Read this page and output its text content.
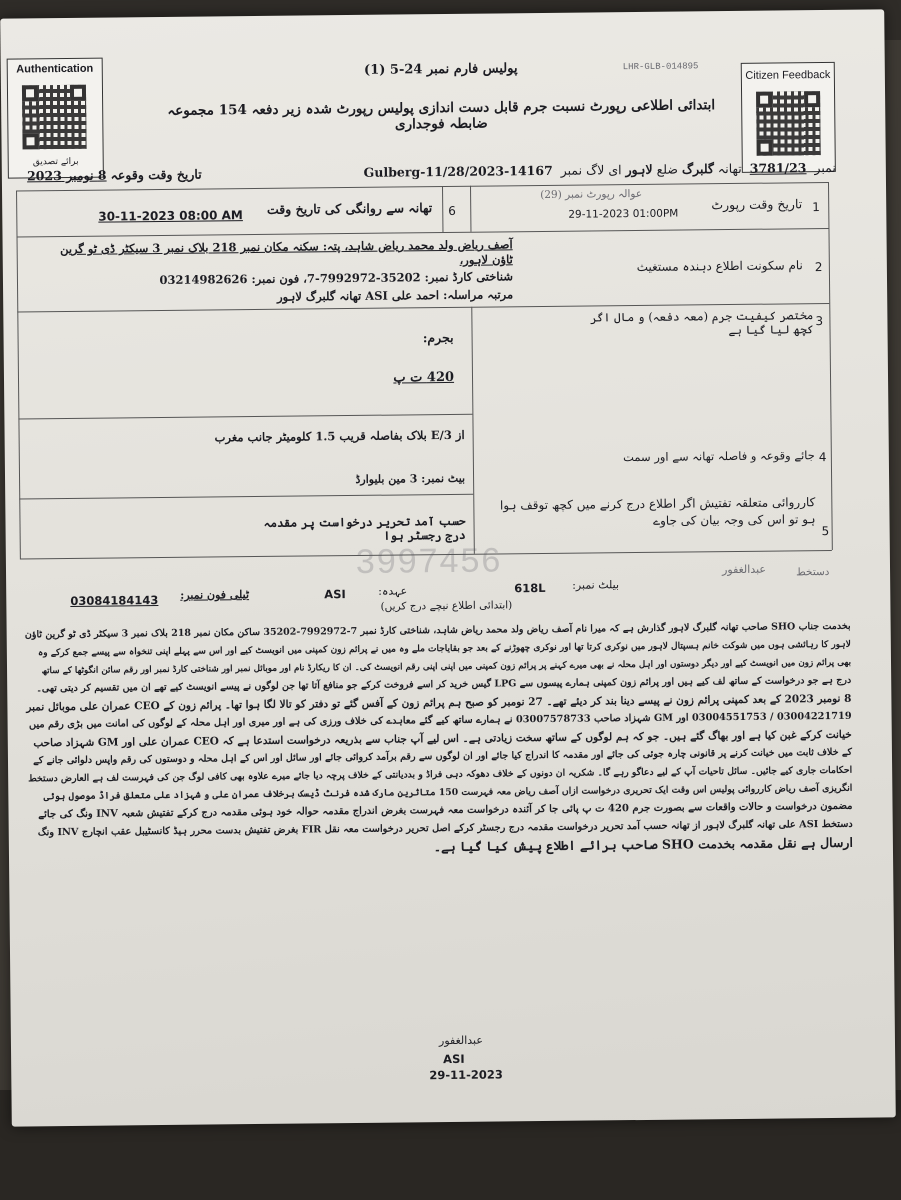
Authentication
برائے تصدیق
Citizen Feedback
LHR-GLB-014895
پولیس فارم نمبر 24-5 (1)
ابتدائی اطلاعی رپورٹ نسبت جرم قابل دست اندازی پولیس رپورٹ شدہ زیر دفعہ 154 مجموعہ ضابطہ فوجداری
نمبر 3781/23 تھانہ گلبرگ ضلع لاہور ای لاگ نمبر Gulberg-11/28/2023-14167  تاریخ وقت وقوعہ 8 نومبر 2023
1
تاریخ وقت رپورٹ
عوالہ رپورٹ نمبر (29)
29-11-2023 01:00PM
6
تھانہ سے روانگی کی تاریخ وقت
30-11-2023 08:00 AM
2
نام سکونت اطلاع دہندہ مستغیث
آصف ریاض ولد محمد ریاض شاہد، پتہ: سکنہ مکان نمبر 218 بلاک نمبر 3 سیکٹر ڈی ٹو گرین ٹاؤن لاہور،
شناختی کارڈ نمبر: 35202-7992972-7، فون نمبر: 03214982626
مرتبہ مراسلہ: احمد علی ASI تھانہ گلبرگ لاہور
3
مختصر کیفیت جرم (معہ دفعہ) و مال اگر کچھ لیا گیا ہے
بجرم:
420 ت پ
4
جائے وقوعہ و فاصلہ تھانہ سے اور سمت
از 3/E بلاک بفاصلہ قریب 1.5 کلومیٹر جانب مغرب
بیٹ نمبر: 3 مین بلیوارڈ
5
کارروائی متعلقہ تفتیش اگر اطلاع درج کرنے میں کچھ توقف ہوا ہو تو اس کی وجہ بیان کی جاوے
حسب آمد تحریر درخواست پر مقدمہ درج رجسٹر ہوا
3997456	دستخط
عبدالغفور
بیلٹ نمبر:
618L
عہدہ:
ASI
ٹیلی فون نمبر:
03084184143	(ابتدائی اطلاع نیچے درج کریں)
بخدمت جناب SHO صاحب تھانہ گلبرگ لاہور گذارش ہے کہ میرا نام آصف ریاض ولد محمد ریاض شاہد، شناختی کارڈ نمبر 7-7992972-35202 ساکن مکان نمبر 218 بلاک نمبر 3 سیکٹر ڈی ٹو گرین ٹاؤن
لاہور کا رہائشی ہوں میں شوکت خانم ہسپتال لاہور میں نوکری کرتا تھا اور نوکری چھوڑنے کے بعد جو بقایاجات ملے وہ میں نے پرائم زون کمپنی میں انویسٹ کیے اور اس سے پہلے اپنی تنخواہ سے پیسے جمع کرکے وہ
بھی پرائم زون میں انویسٹ کیے اور دیگر دوستوں اور اہل محلہ نے بھی میرے کہنے پر پرائم زون کمپنی میں اپنی اپنی رقم انویسٹ کی۔ ان کا ریکارڈ نام اور موبائل نمبر اور شناختی کارڈ نمبر اور رقم سائن انگوٹھا کے ساتھ
درج ہے جو درخواست کے ساتھ لف کیے ہیں اور پرائم زون کمپنی ہمارے پیسوں سے LPG گیس خرید کر اسے فروخت کرکے جو منافع آتا تھا جن لوگوں نے پیسے انویسٹ کیے تھے ان میں تقسیم کر دیتی تھی۔
8 نومبر 2023 کے بعد کمپنی پرائم زون نے پیسے دینا بند کر دیئے تھے۔ 27 نومبر کو صبح ہم پرائم زون کے آفس گئے تو دفتر کو تالا لگا ہوا تھا۔ پرائم زون کے CEO عمران علی موبائل نمبر
03004221719 / 03004551753 اور GM شہزاد صاحب 03007578733 نے ہمارے ساتھ کیے گئے معاہدے کی خلاف ورزی کی ہے اور میری اور اہل محلہ کے لوگوں کی امانت میں بڑی رقم میں
خیانت کرکے غبن کیا ہے اور بھاگ گئے ہیں۔ جو کہ ہم لوگوں کے ساتھ سخت زیادتی ہے۔ اس لیے آپ جناب سے بذریعہ درخواست استدعا ہے کہ CEO عمران علی اور GM شہزاد صاحب
کے خلاف ثابت میں خیانت کرنے پر قانونی چارہ جوئی کی جائے اور مقدمہ کا اندراج کیا جائے اور ان لوگوں سے رقم برآمد کروائی جائے اور سائل اور اس کے اہل محلہ و دوستوں کی رقم واپس دلوائی جانے کے
احکامات جاری کیے جائیں۔ سائل تاحیات آپ کے لیے دعاگو رہے گا۔ شکریہ ان دونوں کے خلاف دھوکہ دہی فراڈ و بددیانتی کے خلاف پرچہ دیا جائے میرے علاوہ بھی کافی لوگ جن کی فہرست لف ہے العارض دستخط
انگریزی آصف ریاض کارروائی پولیس اس وقت ایک تحریری درخواست ازاں آصف ریاض معہ فہرست 150 متاثرین مارک شدہ فرنٹ ڈیسک برخلاف عمران علی و شہزاد علی متعلق فراڈ موصول ہوئی
مضمون درخواست و حالات واقعات سے بصورت جرم 420 ت پ پائی جا کر آئندہ درخواست معہ فہرست بغرض اندراج مقدمہ حوالہ خود ہوئی مقدمہ درج کرکے تفتیش شعبہ INV ونگ کی جائے
دستخط ASI علی تھانہ گلبرگ لاہور از تھانہ حسب آمد تحریر درخواست مقدمہ درج رجسٹر کرکے اصل تحریر درخواست معہ نقل FIR بغرض تفتیش بدست محرر ہیڈ کانسٹیبل عقب انچارج INV ونگ
ارسال ہے نقل مقدمہ بخدمت SHO صاحب برائے اطلاع پیش کیا گیا ہے۔
عبدالغفور
ASI
29-11-2023
